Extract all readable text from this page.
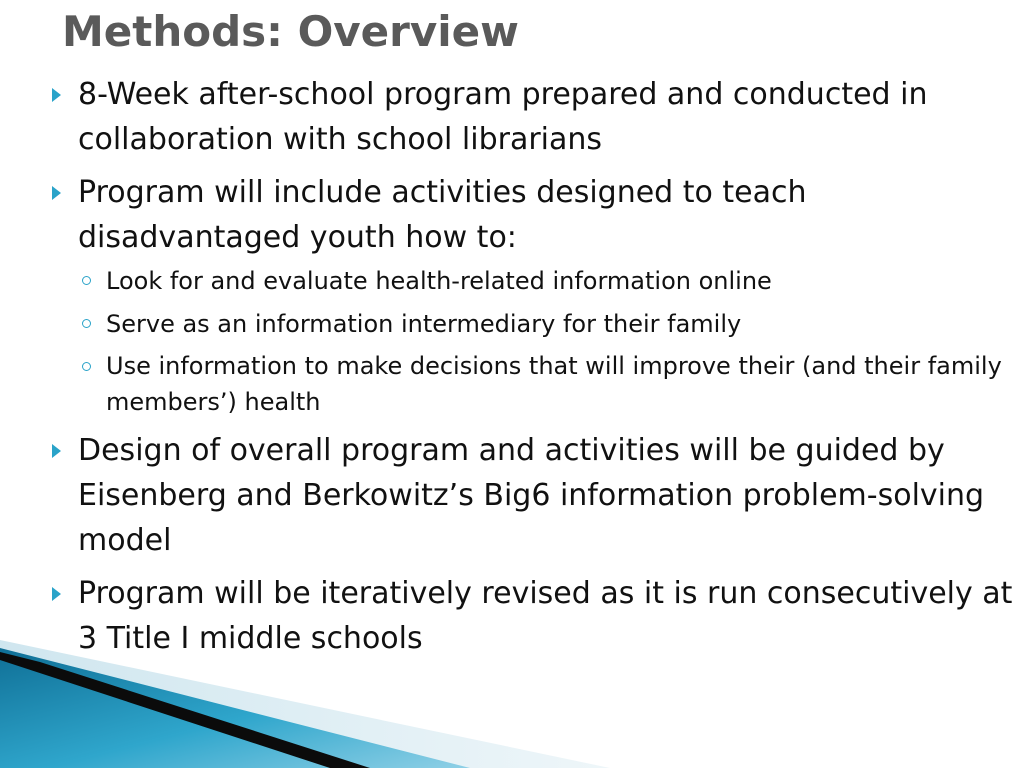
Methods: Overview
8-Week after-school program prepared and conducted in collaboration with school librarians
Program will include activities designed to teach disadvantaged youth how to:
Look for and evaluate health-related information online
Serve as an information intermediary for their family
Use information to make decisions that will improve their (and their family members’) health
Design of overall program and activities will be guided by Eisenberg and Berkowitz’s Big6 information problem-solving model
Program will be iteratively revised as it is run consecutively at 3 Title I middle schools
